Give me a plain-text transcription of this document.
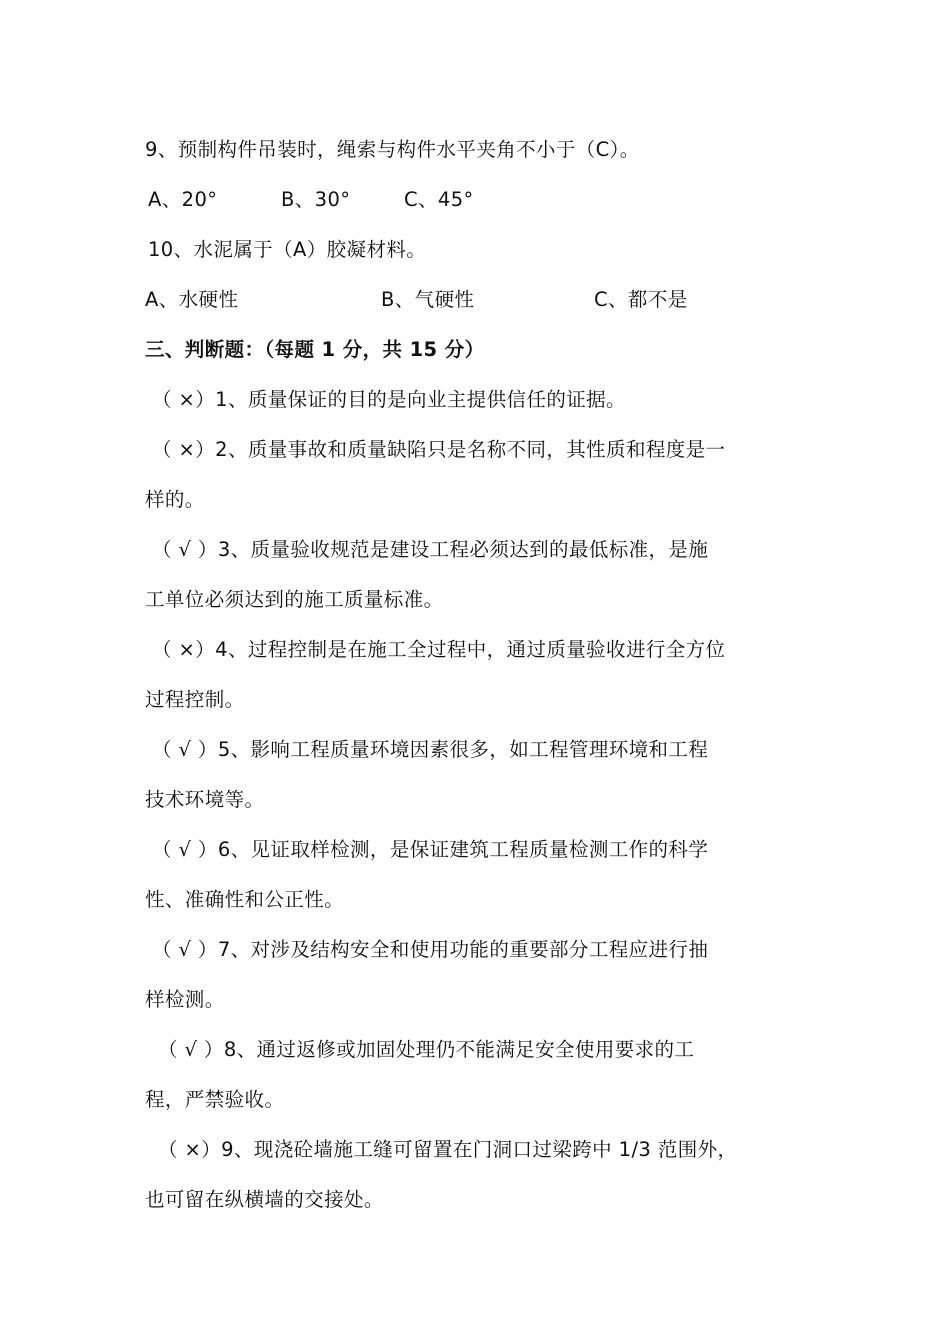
9、预制构件吊装时，绳索与构件水平夹角不小于（C）。
A、20°	B、30°	C、45°
10、水泥属于（A）胶凝材料。
A、水硬性	B、气硬性	C、都不是
三、判断题：（每题 1 分，共 15 分）
（ ×）1、质量保证的目的是向业主提供信任的证据。
（ ×）2、质量事故和质量缺陷只是名称不同，其性质和程度是一
样的。
（ √ ）3、质量验收规范是建设工程必须达到的最低标准，是施
工单位必须达到的施工质量标准。
（ ×）4、过程控制是在施工全过程中，通过质量验收进行全方位
过程控制。
（ √ ）5、影响工程质量环境因素很多，如工程管理环境和工程
技术环境等。
（ √ ）6、见证取样检测，是保证建筑工程质量检测工作的科学
性、准确性和公正性。
（ √ ）7、对涉及结构安全和使用功能的重要部分工程应进行抽
样检测。
（ √ ）8、通过返修或加固处理仍不能满足安全使用要求的工
程，严禁验收。
（ ×）9、现浇砼墙施工缝可留置在门洞口过梁跨中 1/3 范围外，
也可留在纵横墙的交接处。
